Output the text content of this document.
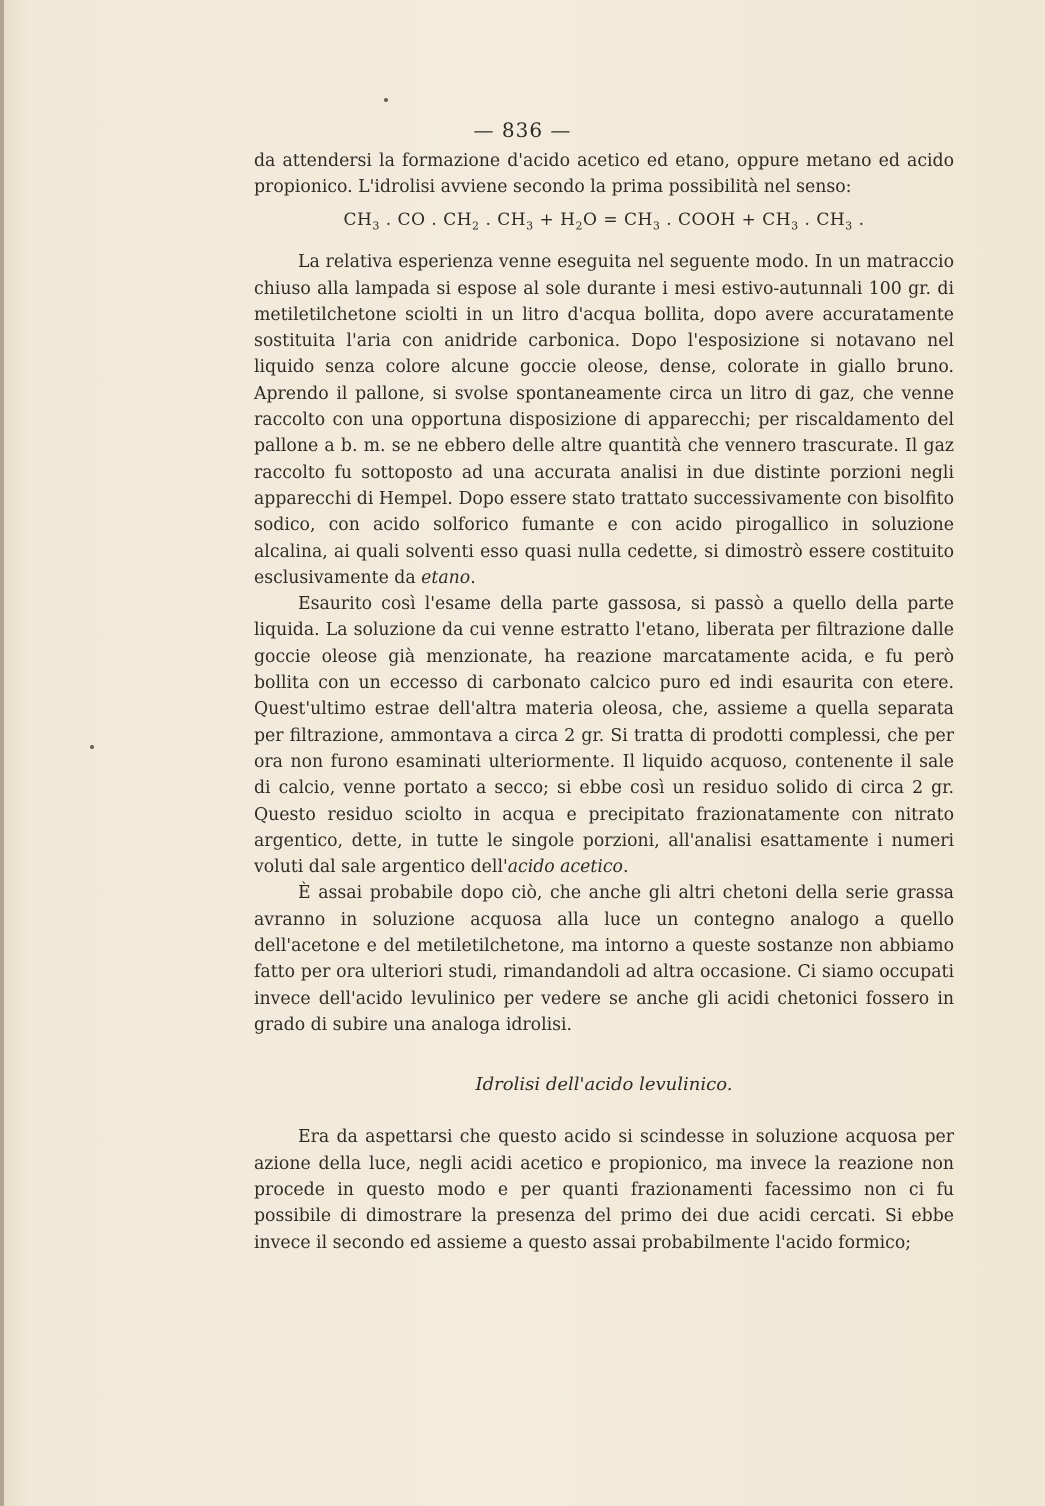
— 836 —

da attendersi la formazione d'acido acetico ed etano, oppure metano ed acido propionico. L'idrolisi avviene secondo la prima possibilità nel senso:

$CH_3$ . CO . $CH_2$ . $CH_3 + H_2O = CH_3$ . COOH + $CH_3$ . $CH_3$ .

La relativa esperienza venne eseguita nel seguente modo. In un matraccio chiuso alla lampada si espose al sole durante i mesi estivo-autunnali 100 gr. di metiletilchetone sciolti in un litro d'acqua bollita, dopo avere accuratamente sostituita l'aria con anidride carbonica. Dopo l'esposizione si notavano nel liquido senza colore alcune goccie oleose, dense, colorate in giallo bruno. Aprendo il pallone, si svolse spontaneamente circa un litro di gaz, che venne raccolto con una opportuna disposizione di apparecchi; per riscaldamento del pallone a b. m. se ne ebbero delle altre quantità che vennero trascurate. Il gaz raccolto fu sottoposto ad una accurata analisi in due distinte porzioni negli apparecchi di Hempel. Dopo essere stato trattato successivamente con bisolfito sodico, con acido solforico fumante e con acido pirogallico in soluzione alcalina, ai quali solventi esso quasi nulla cedette, si dimostrò essere costituito esclusivamente da etano.

Esaurito così l'esame della parte gassosa, si passò a quello della parte liquida. La soluzione da cui venne estratto l'etano, liberata per filtrazione dalle goccie oleose già menzionate, ha reazione marcatamente acida, e fu però bollita con un eccesso di carbonato calcico puro ed indi esaurita con etere. Quest'ultimo estrae dell'altra materia oleosa, che, assieme a quella separata per filtrazione, ammontava a circa 2 gr. Si tratta di prodotti complessi, che per ora non furono esaminati ulteriormente. Il liquido acquoso, contenente il sale di calcio, venne portato a secco; si ebbe così un residuo solido di circa 2 gr. Questo residuo sciolto in acqua e precipitato frazionatamente con nitrato argentico, dette, in tutte le singole porzioni, all'analisi esattamente i numeri voluti dal sale argentico dell'acido acetico.

È assai probabile dopo ciò, che anche gli altri chetoni della serie grassa avranno in soluzione acquosa alla luce un contegno analogo a quello dell'acetone e del metiletilchetone, ma intorno a queste sostanze non abbiamo fatto per ora ulteriori studi, rimandandoli ad altra occasione. Ci siamo occupati invece dell'acido levulinico per vedere se anche gli acidi chetonici fossero in grado di subire una analoga idrolisi.

Idrolisi dell'acido levulinico.

Era da aspettarsi che questo acido si scindesse in soluzione acquosa per azione della luce, negli acidi acetico e propionico, ma invece la reazione non procede in questo modo e per quanti frazionamenti facessimo non ci fu possibile di dimostrare la presenza del primo dei due acidi cercati. Si ebbe invece il secondo ed assieme a questo assai probabilmente l'acido formico;
